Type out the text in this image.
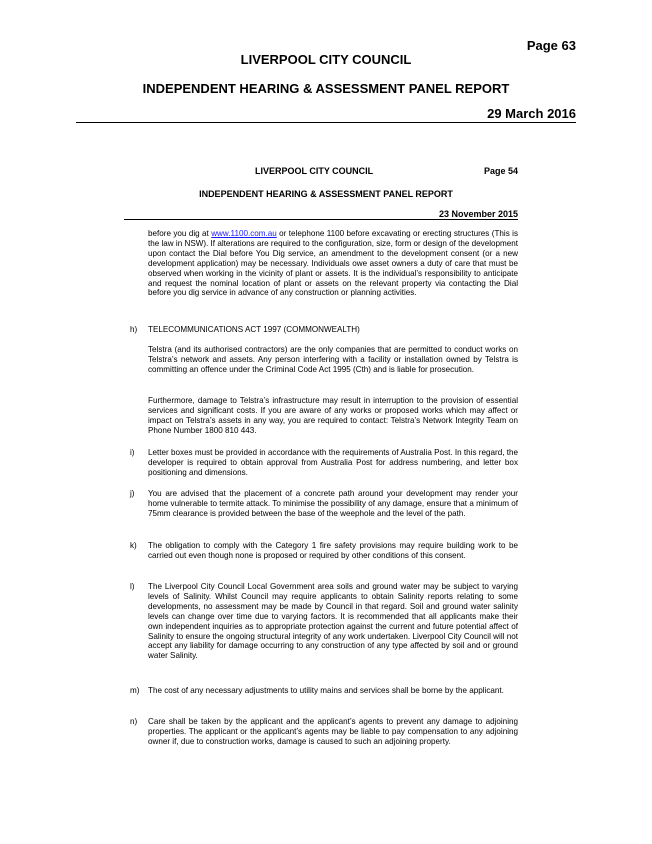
Page 63
LIVERPOOL CITY COUNCIL
INDEPENDENT HEARING & ASSESSMENT PANEL REPORT
29 March 2016
LIVERPOOL CITY COUNCIL	Page 54
INDEPENDENT HEARING & ASSESSMENT PANEL REPORT
23 November 2015
before you dig at www.1100.com.au or telephone 1100 before excavating or erecting structures (This is the law in NSW). If alterations are required to the configuration, size, form or design of the development upon contact the Dial before You Dig service, an amendment to the development consent (or a new development application) may be necessary. Individuals owe asset owners a duty of care that must be observed when working in the vicinity of plant or assets. It is the individual’s responsibility to anticipate and request the nominal location of plant or assets on the relevant property via contacting the Dial before you dig service in advance of any construction or planning activities.
h)	TELECOMMUNICATIONS ACT 1997 (COMMONWEALTH)
Telstra (and its authorised contractors) are the only companies that are permitted to conduct works on Telstra’s network and assets. Any person interfering with a facility or installation owned by Telstra is committing an offence under the Criminal Code Act 1995 (Cth) and is liable for prosecution.
Furthermore, damage to Telstra’s infrastructure may result in interruption to the provision of essential services and significant costs. If you are aware of any works or proposed works which may affect or impact on Telstra’s assets in any way, you are required to contact: Telstra’s Network Integrity Team on Phone Number 1800 810 443.
i)	Letter boxes must be provided in accordance with the requirements of Australia Post. In this regard, the developer is required to obtain approval from Australia Post for address numbering, and letter box positioning and dimensions.
j)	You are advised that the placement of a concrete path around your development may render your home vulnerable to termite attack. To minimise the possibility of any damage, ensure that a minimum of 75mm clearance is provided between the base of the weephole and the level of the path.
k)	The obligation to comply with the Category 1 fire safety provisions may require building work to be carried out even though none is proposed or required by other conditions of this consent.
l)	The Liverpool City Council Local Government area soils and ground water may be subject to varying levels of Salinity. Whilst Council may require applicants to obtain Salinity reports relating to some developments, no assessment may be made by Council in that regard. Soil and ground water salinity levels can change over time due to varying factors. It is recommended that all applicants make their own independent inquiries as to appropriate protection against the current and future potential affect of Salinity to ensure the ongoing structural integrity of any work undertaken. Liverpool City Council will not accept any liability for damage occurring to any construction of any type affected by soil and or ground water Salinity.
m)	The cost of any necessary adjustments to utility mains and services shall be borne by the applicant.
n)	Care shall be taken by the applicant and the applicant’s agents to prevent any damage to adjoining properties. The applicant or the applicant’s agents may be liable to pay compensation to any adjoining owner if, due to construction works, damage is caused to such an adjoining property.
